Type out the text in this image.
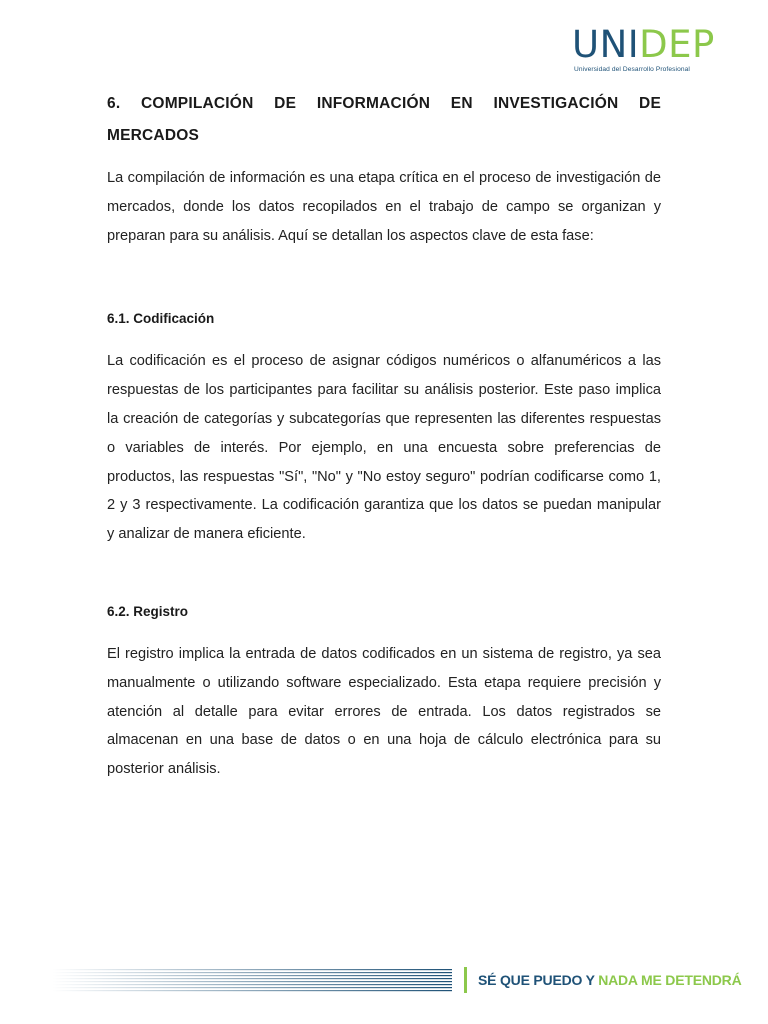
UNIDEP
Universidad del Desarrollo Profesional
6. COMPILACIÓN DE INFORMACIÓN EN INVESTIGACIÓN DE
MERCADOS

La compilación de información es una etapa crítica en el proceso de investigación de mercados, donde los datos recopilados en el trabajo de campo se organizan y preparan para su análisis. Aquí se detallan los aspectos clave de esta fase:

6.1. Codificación

La codificación es el proceso de asignar códigos numéricos o alfanuméricos a las respuestas de los participantes para facilitar su análisis posterior. Este paso implica la creación de categorías y subcategorías que representen las diferentes respuestas o variables de interés. Por ejemplo, en una encuesta sobre preferencias de productos, las respuestas "Sí", "No" y "No estoy seguro" podrían codificarse como 1, 2 y 3 respectivamente. La codificación garantiza que los datos se puedan manipular y analizar de manera eficiente.

6.2. Registro

El registro implica la entrada de datos codificados en un sistema de registro, ya sea manualmente o utilizando software especializado. Esta etapa requiere precisión y atención al detalle para evitar errores de entrada. Los datos registrados se almacenan en una base de datos o en una hoja de cálculo electrónica para su posterior análisis.

SÉ QUE PUEDO Y NADA ME DETENDRÁ
